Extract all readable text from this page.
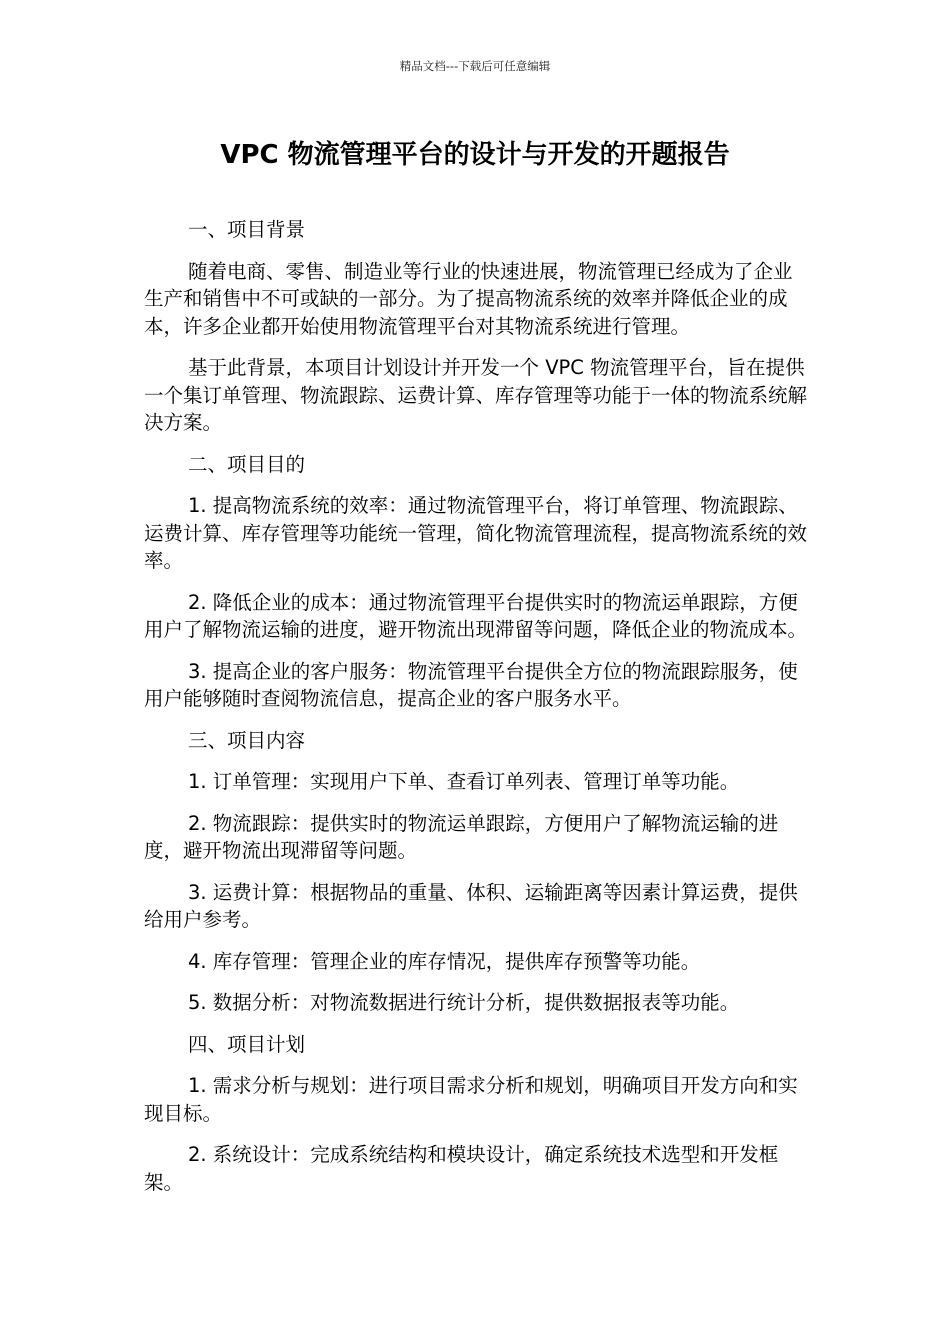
精品文档---下载后可任意编辑
VPC 物流管理平台的设计与开发的开题报告

一、项目背景

随着电商、零售、制造业等行业的快速进展，物流管理已经成为了企业生产和销售中不可或缺的一部分。为了提高物流系统的效率并降低企业的成本，许多企业都开始使用物流管理平台对其物流系统进行管理。

基于此背景，本项目计划设计并开发一个 VPC 物流管理平台，旨在提供一个集订单管理、物流跟踪、运费计算、库存管理等功能于一体的物流系统解决方案。

二、项目目的

1. 提高物流系统的效率：通过物流管理平台，将订单管理、物流跟踪、运费计算、库存管理等功能统一管理，简化物流管理流程，提高物流系统的效率。

2. 降低企业的成本：通过物流管理平台提供实时的物流运单跟踪，方便用户了解物流运输的进度，避开物流出现滞留等问题，降低企业的物流成本。

3. 提高企业的客户服务：物流管理平台提供全方位的物流跟踪服务，使用户能够随时查阅物流信息，提高企业的客户服务水平。

三、项目内容

1. 订单管理：实现用户下单、查看订单列表、管理订单等功能。

2. 物流跟踪：提供实时的物流运单跟踪，方便用户了解物流运输的进度，避开物流出现滞留等问题。

3. 运费计算：根据物品的重量、体积、运输距离等因素计算运费，提供给用户参考。

4. 库存管理：管理企业的库存情况，提供库存预警等功能。

5. 数据分析：对物流数据进行统计分析，提供数据报表等功能。

四、项目计划

1. 需求分析与规划：进行项目需求分析和规划，明确项目开发方向和实现目标。

2. 系统设计：完成系统结构和模块设计，确定系统技术选型和开发框架。
